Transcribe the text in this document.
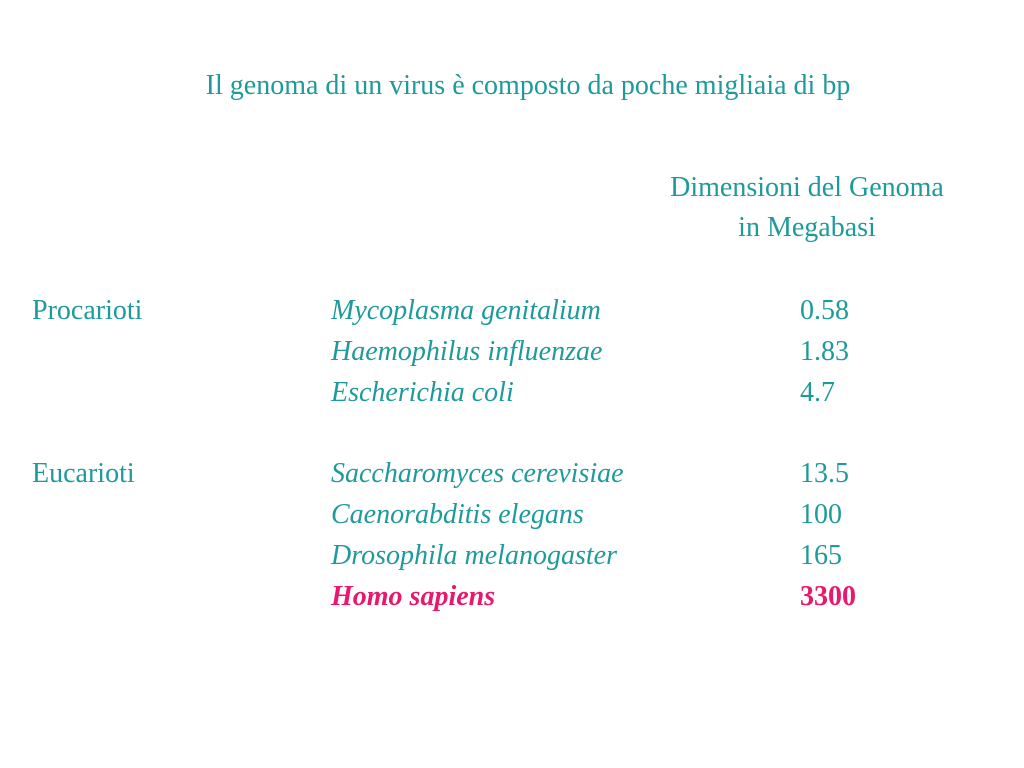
Il genoma di un virus è composto da poche migliaia di bp
Dimensioni del Genoma
in Megabasi
Procarioti	Mycoplasma genitalium	0.58
Haemophilus influenzae	1.83
Escherichia coli	4.7
Eucarioti	Saccharomyces cerevisiae	13.5
Caenorabditis elegans	100
Drosophila melanogaster	165
Homo sapiens	3300
